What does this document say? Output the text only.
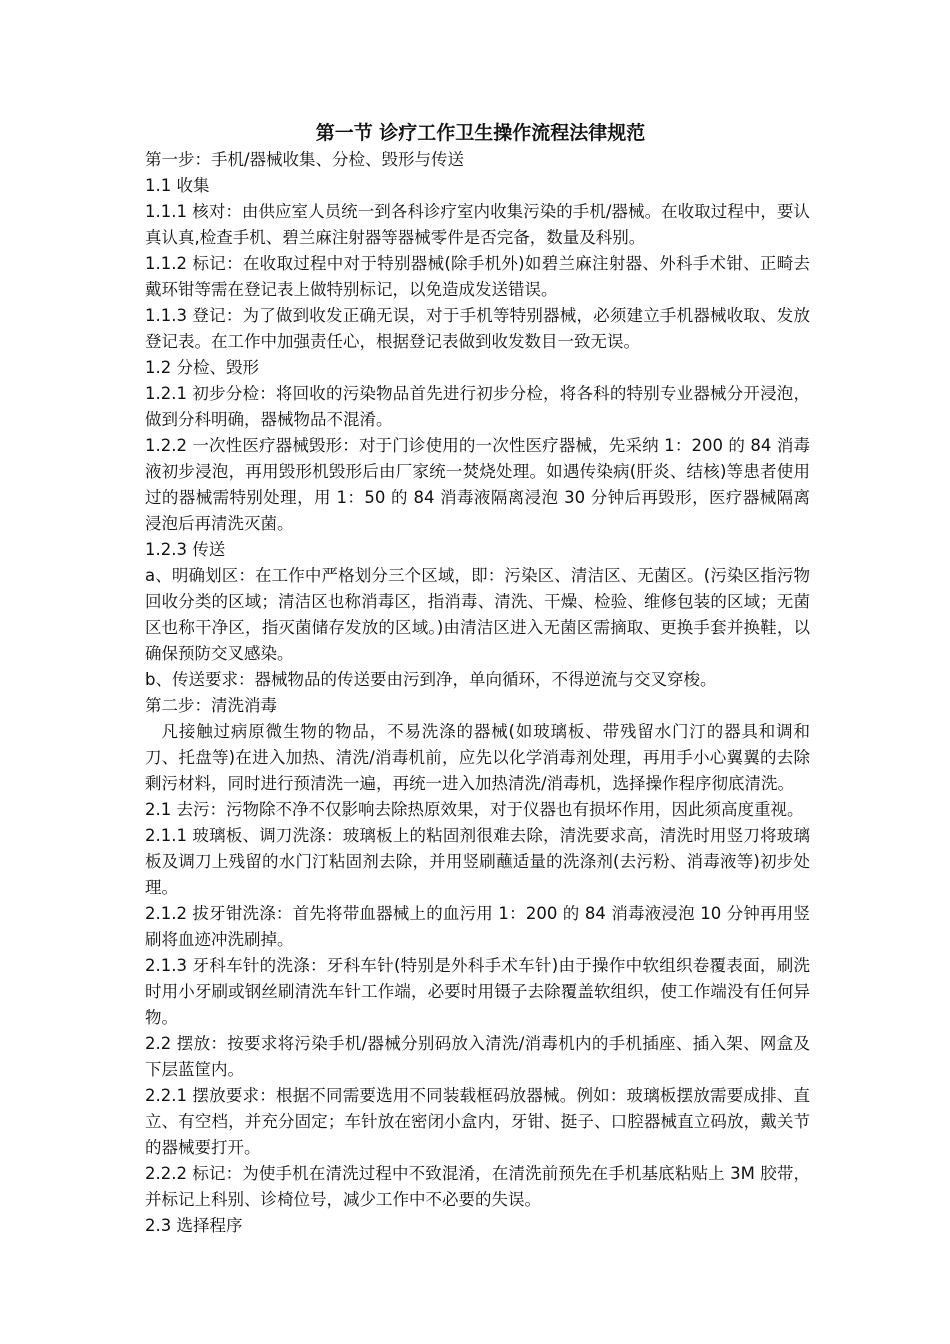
第一节 诊疗工作卫生操作流程法律规范

第一步：手机/器械收集、分检、毁形与传送

1.1 收集

1.1.1 核对：由供应室人员统一到各科诊疗室内收集污染的手机/器械。在收取过程中，要认真认真,检查手机、碧兰麻注射器等器械零件是否完备，数量及科别。

1.1.2 标记：在收取过程中对于特别器械(除手机外)如碧兰麻注射器、外科手术钳、正畸去戴环钳等需在登记表上做特别标记，以免造成发送错误。

1.1.3 登记：为了做到收发正确无误，对于手机等特别器械，必须建立手机器械收取、发放登记表。在工作中加强责任心，根据登记表做到收发数目一致无误。

1.2 分检、毁形

1.2.1 初步分检：将回收的污染物品首先进行初步分检，将各科的特别专业器械分开浸泡，做到分科明确，器械物品不混淆。

1.2.2 一次性医疗器械毁形：对于门诊使用的一次性医疗器械，先采纳 1：200 的 84 消毒液初步浸泡，再用毁形机毁形后由厂家统一焚烧处理。如遇传染病(肝炎、结核)等患者使用过的器械需特别处理，用 1：50 的 84 消毒液隔离浸泡 30 分钟后再毁形，医疗器械隔离浸泡后再清洗灭菌。

1.2.3 传送

a、明确划区：在工作中严格划分三个区域，即：污染区、清洁区、无菌区。(污染区指污物回收分类的区域；清洁区也称消毒区，指消毒、清洗、干燥、检验、维修包装的区域；无菌区也称干净区，指灭菌储存发放的区域。)由清洁区进入无菌区需摘取、更换手套并换鞋，以确保预防交叉感染。

b、传送要求：器械物品的传送要由污到净，单向循环，不得逆流与交叉穿梭。

第二步：清洗消毒

凡接触过病原微生物的物品，不易洗涤的器械(如玻璃板、带残留水门汀的器具和调和刀、托盘等)在进入加热、清洗/消毒机前，应先以化学消毒剂处理，再用手小心翼翼的去除剩污材料，同时进行预清洗一遍，再统一进入加热清洗/消毒机，选择操作程序彻底清洗。

2.1 去污：污物除不净不仅影响去除热原效果，对于仪器也有损坏作用，因此须高度重视。

2.1.1 玻璃板、调刀洗涤：玻璃板上的粘固剂很难去除，清洗要求高，清洗时用竖刀将玻璃板及调刀上残留的水门汀粘固剂去除，并用竖刷蘸适量的洗涤剂(去污粉、消毒液等)初步处理。

2.1.2 拔牙钳洗涤：首先将带血器械上的血污用 1：200 的 84 消毒液浸泡 10 分钟再用竖刷将血迹冲洗刷掉。

2.1.3 牙科车针的洗涤：牙科车针(特别是外科手术车针)由于操作中软组织卷覆表面，刷洗时用小牙刷或钢丝刷清洗车针工作端，必要时用镊子去除覆盖软组织，使工作端没有任何异物。

2.2 摆放：按要求将污染手机/器械分别码放入清洗/消毒机内的手机插座、插入架、网盒及下层蓝筐内。

2.2.1 摆放要求：根据不同需要选用不同装载框码放器械。例如：玻璃板摆放需要成排、直立、有空档，并充分固定；车针放在密闭小盒内，牙钳、挺子、口腔器械直立码放，戴关节的器械要打开。

2.2.2 标记：为使手机在清洗过程中不致混淆，在清洗前预先在手机基底粘贴上 3M 胶带，并标记上科别、诊椅位号，减少工作中不必要的失误。

2.3 选择程序
